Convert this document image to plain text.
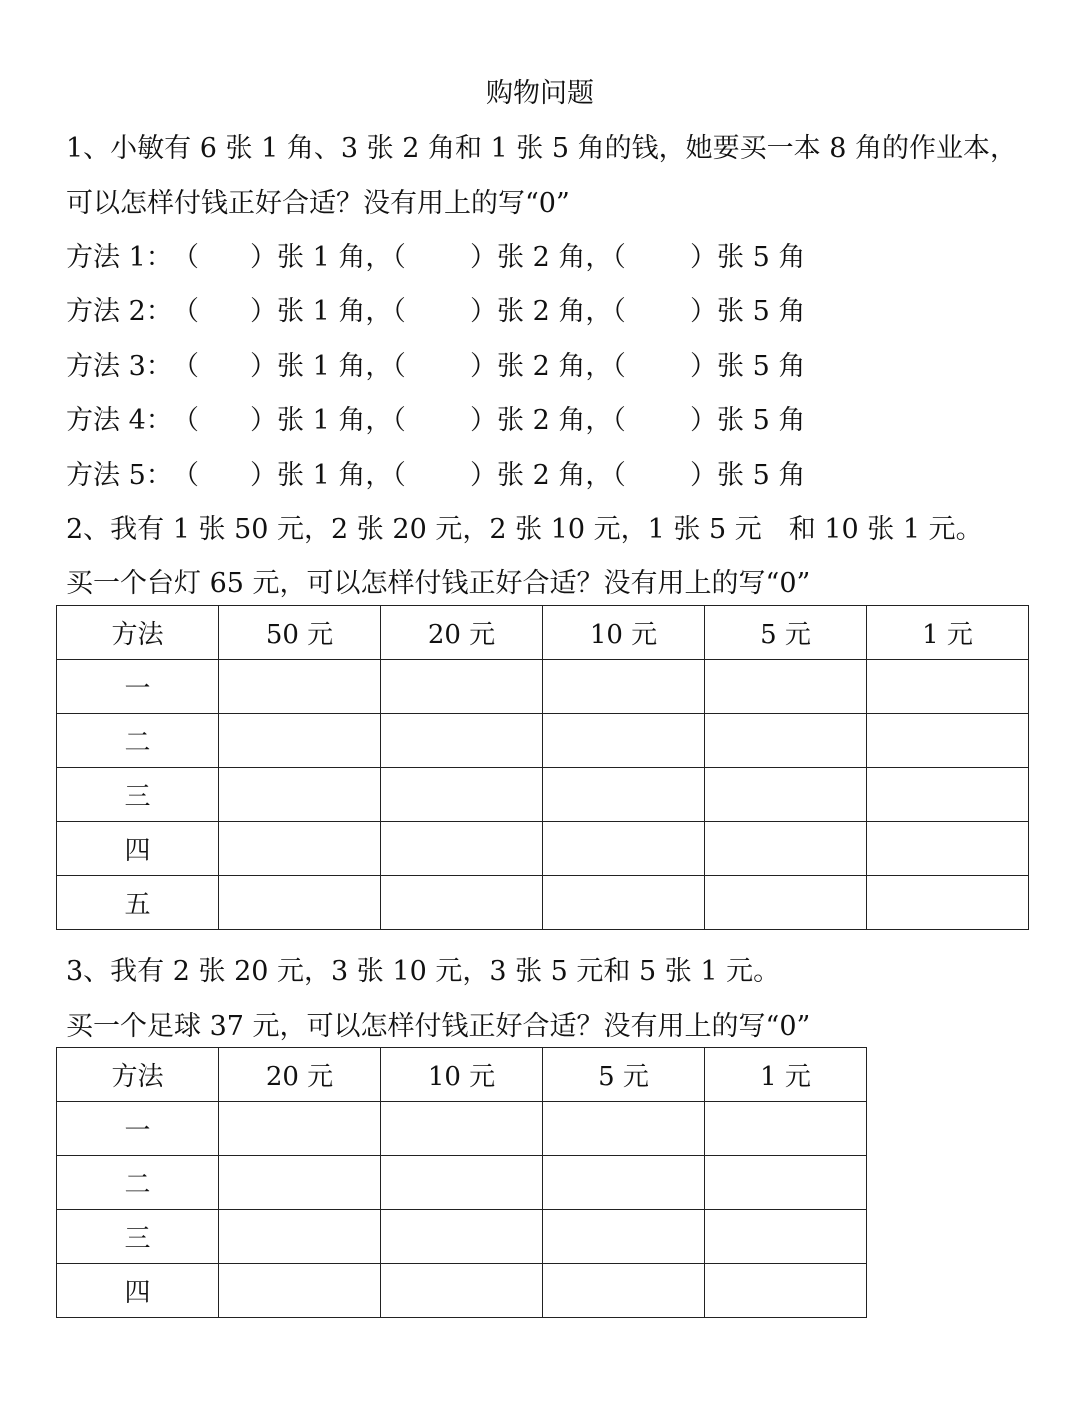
购物问题
1、小敏有 6 张 1 角、3 张 2 角和 1 张 5 角的钱，她要买一本 8 角的作业本，
可以怎样付钱正好合适？没有用上的写“0”
方法 1： （	）张 1 角，（ ）张 2 角，（ ）张 5 角
方法 2： （	）张 1 角，（ ）张 2 角，（ ）张 5 角
方法 3： （	）张 1 角，（ ）张 2 角，（ ）张 5 角
方法 4： （	）张 1 角，（ ）张 2 角，（ ）张 5 角
方法 5： （	）张 1 角，（ ）张 2 角，（ ）张 5 角
2、我有 1 张 50 元，2 张 20 元，2 张 10 元，1 张 5 元　和 10 张 1 元。
买一个台灯 65 元，可以怎样付钱正好合适？没有用上的写“0”
方法	50 元	20 元	10 元	5 元	1 元
一					
二					
三					
四					
五					
3、我有 2 张 20 元，3 张 10 元，3 张 5 元和 5 张 1 元。
买一个足球 37 元，可以怎样付钱正好合适？没有用上的写“0”
方法	20 元	10 元	5 元	1 元
一				
二				
三				
四				
